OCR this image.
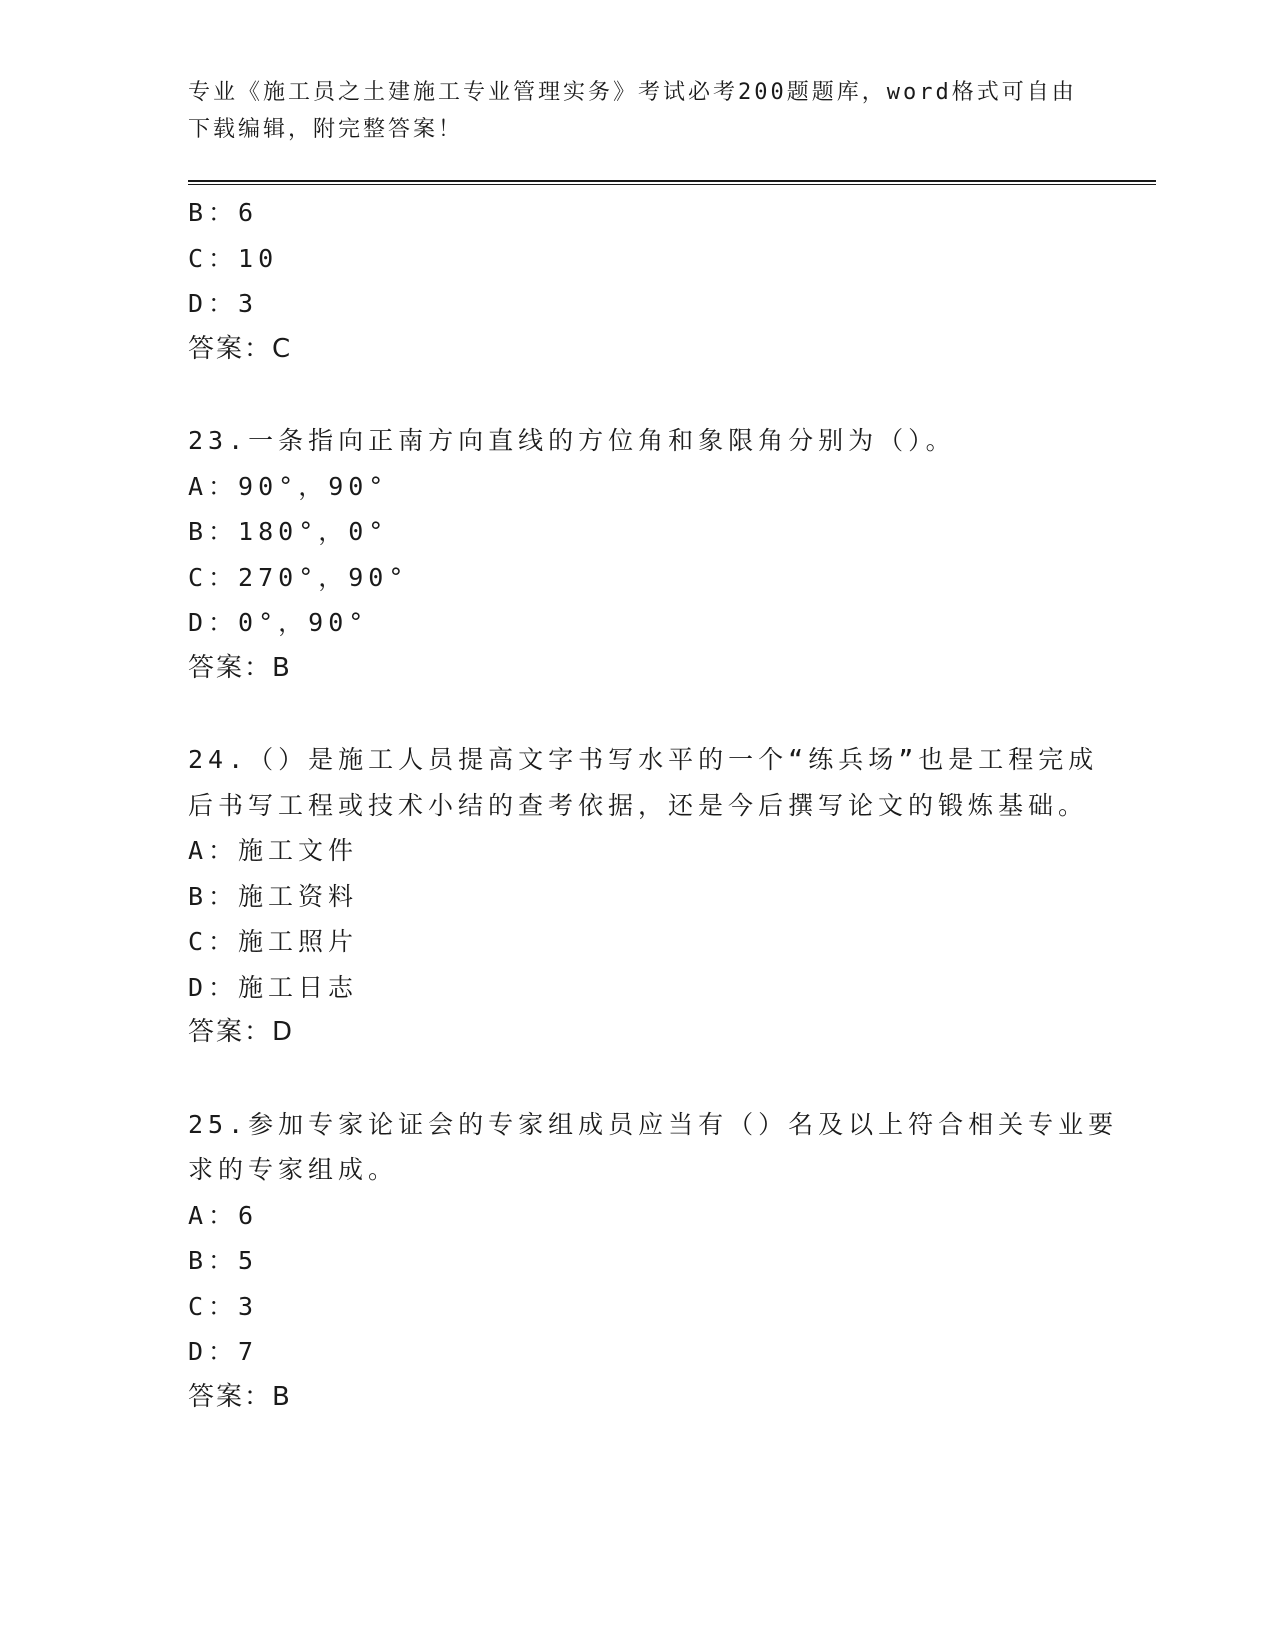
专业《施工员之土建施工专业管理实务》考试必考200题题库，word格式可自由
下载编辑，附完整答案！
B：6
C：10
D：3
答案：C
23.一条指向正南方向直线的方位角和象限角分别为（）。
A：90°，90°
B：180°，0°
C：270°，90°
D：0°，90°
答案：B
24.（）是施工人员提高文字书写水平的一个“练兵场”也是工程完成
后书写工程或技术小结的查考依据，还是今后撰写论文的锻炼基础。
A：施工文件
B：施工资料
C：施工照片
D：施工日志
答案：D
25.参加专家论证会的专家组成员应当有（）名及以上符合相关专业要
求的专家组成。
A：6
B：5
C：3
D：7
答案：B
